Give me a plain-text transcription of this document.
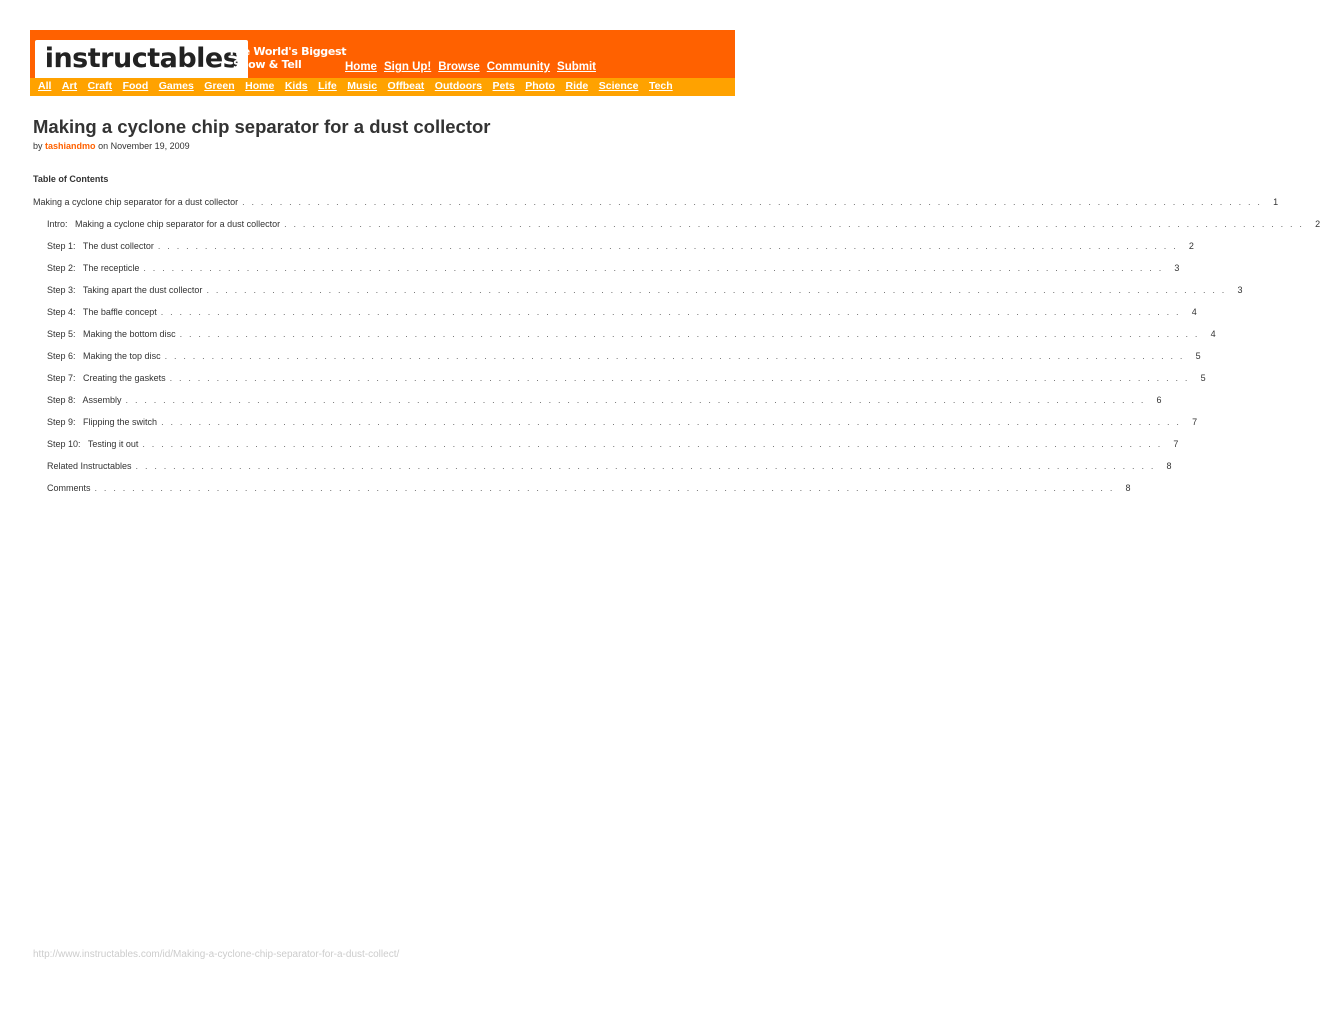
instructables
The World's Biggest
Show & Tell	Home Sign Up! Browse Community Submit
All Art Craft Food Games Green Home Kids Life Music Offbeat Outdoors Pets Photo Ride Science Tech
Making a cyclone chip separator for a dust collector
by tashiandmo on November 19, 2009
Table of Contents
Making a cyclone chip separator for a dust collector . . . . . . . . . . . . . . . . . . . . . . . . . . . . . . . . . . . . . . . . . . . . . . . . . . . . . . . . . . . . . . . . . . . . . . . . . . . . . . . . . . . . . . . . . . . . . . . . . . . . . . . . . . . . .	1
Intro:   Making a cyclone chip separator for a dust collector . . . . . . . . . . . . . . . . . . . . . . . . . . . . . . . . . . . . . . . . . . . . . . . . . . . . . . . . . . . . . . . . . . . . . . . . . . . . . . . . . . . . . . . . . . . . . . . . . . . . . . . . . . . . .	2
Step 1:   The dust collector . . . . . . . . . . . . . . . . . . . . . . . . . . . . . . . . . . . . . . . . . . . . . . . . . . . . . . . . . . . . . . . . . . . . . . . . . . . . . . . . . . . . . . . . . . . . . . . . . . . . . . . . . . . . .	2
Step 2:   The recepticle . . . . . . . . . . . . . . . . . . . . . . . . . . . . . . . . . . . . . . . . . . . . . . . . . . . . . . . . . . . . . . . . . . . . . . . . . . . . . . . . . . . . . . . . . . . . . . . . . . . . . . . . . . . . .	3
Step 3:   Taking apart the dust collector . . . . . . . . . . . . . . . . . . . . . . . . . . . . . . . . . . . . . . . . . . . . . . . . . . . . . . . . . . . . . . . . . . . . . . . . . . . . . . . . . . . . . . . . . . . . . . . . . . . . . . . . . . . . .	3
Step 4:   The baffle concept . . . . . . . . . . . . . . . . . . . . . . . . . . . . . . . . . . . . . . . . . . . . . . . . . . . . . . . . . . . . . . . . . . . . . . . . . . . . . . . . . . . . . . . . . . . . . . . . . . . . . . . . . . . . .	4
Step 5:   Making the bottom disc . . . . . . . . . . . . . . . . . . . . . . . . . . . . . . . . . . . . . . . . . . . . . . . . . . . . . . . . . . . . . . . . . . . . . . . . . . . . . . . . . . . . . . . . . . . . . . . . . . . . . . . . . . . . .	4
Step 6:   Making the top disc . . . . . . . . . . . . . . . . . . . . . . . . . . . . . . . . . . . . . . . . . . . . . . . . . . . . . . . . . . . . . . . . . . . . . . . . . . . . . . . . . . . . . . . . . . . . . . . . . . . . . . . . . . . . .	5
Step 7:   Creating the gaskets . . . . . . . . . . . . . . . . . . . . . . . . . . . . . . . . . . . . . . . . . . . . . . . . . . . . . . . . . . . . . . . . . . . . . . . . . . . . . . . . . . . . . . . . . . . . . . . . . . . . . . . . . . . . .	5
Step 8:   Assembly . . . . . . . . . . . . . . . . . . . . . . . . . . . . . . . . . . . . . . . . . . . . . . . . . . . . . . . . . . . . . . . . . . . . . . . . . . . . . . . . . . . . . . . . . . . . . . . . . . . . . . . . . . . . .	6
Step 9:   Flipping the switch . . . . . . . . . . . . . . . . . . . . . . . . . . . . . . . . . . . . . . . . . . . . . . . . . . . . . . . . . . . . . . . . . . . . . . . . . . . . . . . . . . . . . . . . . . . . . . . . . . . . . . . . . . . . .	7
Step 10:   Testing it out . . . . . . . . . . . . . . . . . . . . . . . . . . . . . . . . . . . . . . . . . . . . . . . . . . . . . . . . . . . . . . . . . . . . . . . . . . . . . . . . . . . . . . . . . . . . . . . . . . . . . . . . . . . . .	7
Related Instructables . . . . . . . . . . . . . . . . . . . . . . . . . . . . . . . . . . . . . . . . . . . . . . . . . . . . . . . . . . . . . . . . . . . . . . . . . . . . . . . . . . . . . . . . . . . . . . . . . . . . . . . . . . . . .	8
Comments . . . . . . . . . . . . . . . . . . . . . . . . . . . . . . . . . . . . . . . . . . . . . . . . . . . . . . . . . . . . . . . . . . . . . . . . . . . . . . . . . . . . . . . . . . . . . . . . . . . . . . . . . . . . .	8
http://www.instructables.com/id/Making-a-cyclone-chip-separator-for-a-dust-collect/
